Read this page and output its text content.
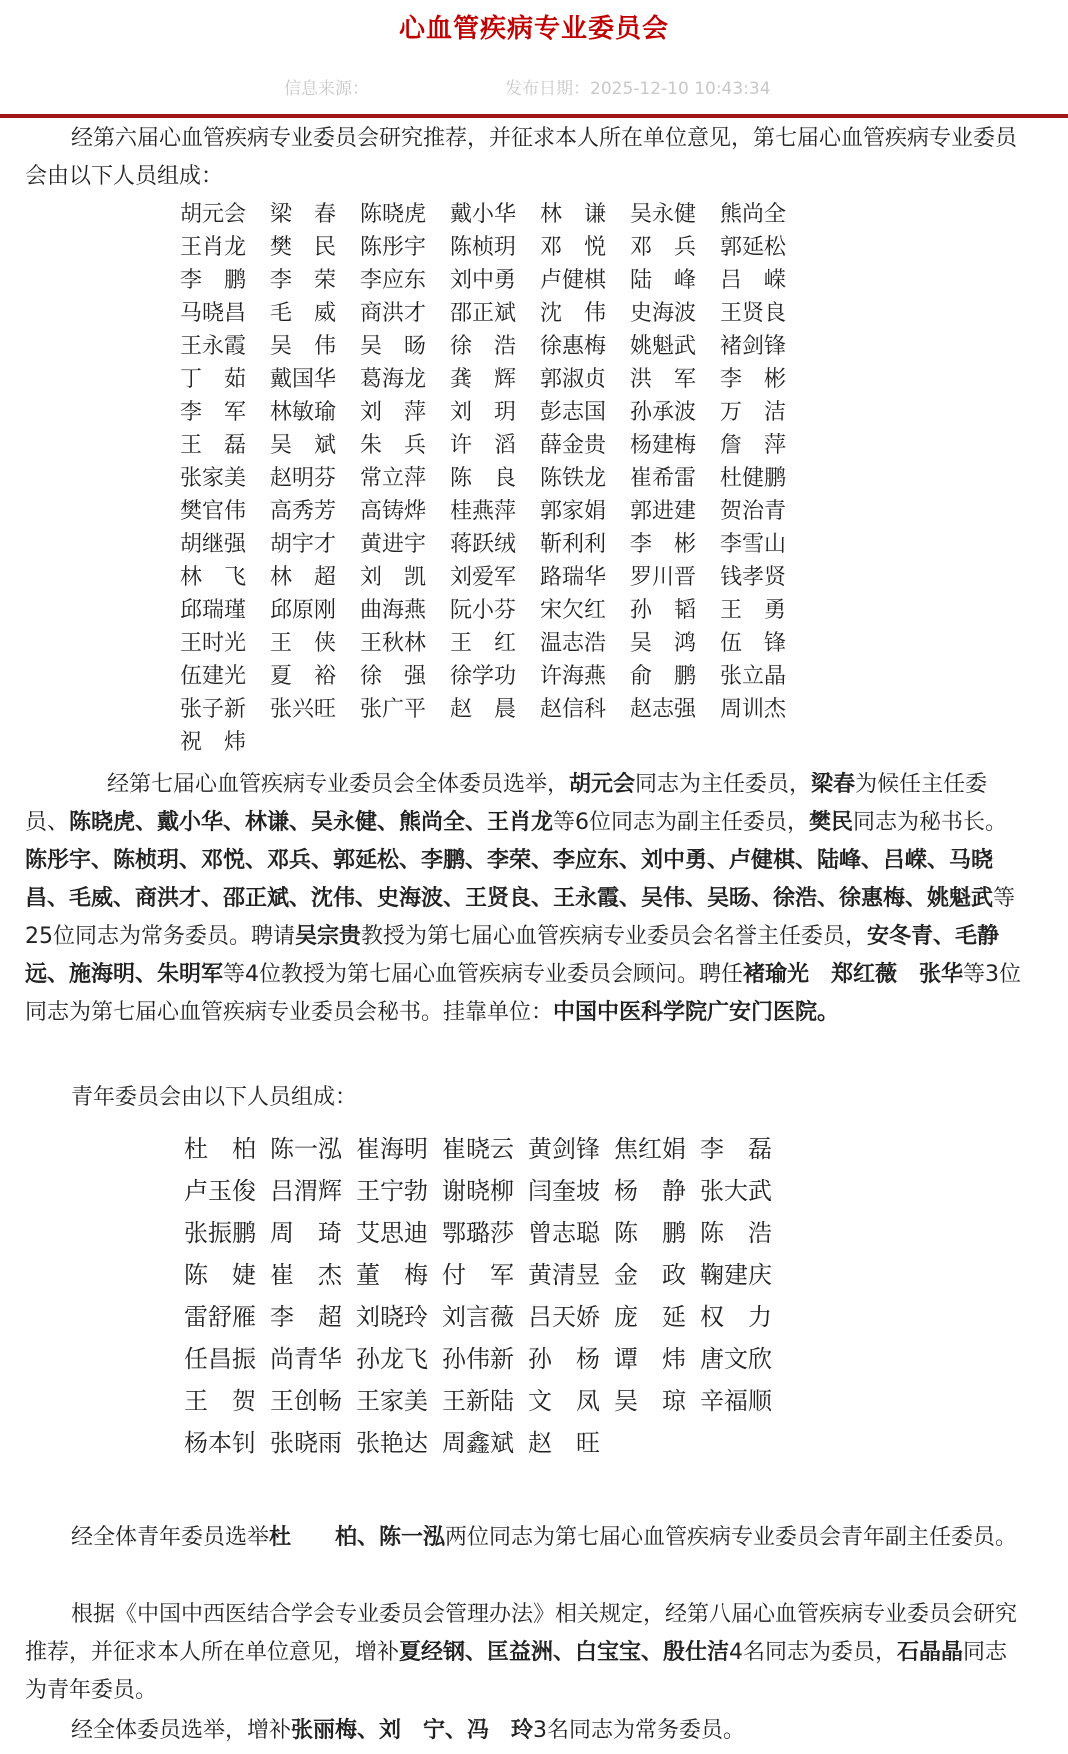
心血管疾病专业委员会
信息来源：	发布日期：2025-12-10 10:43:34

经第六届心血管疾病专业委员会研究推荐，并征求本人所在单位意见，第七届心血管疾病专业委员会由以下人员组成：

胡元会	梁　春	陈晓虎	戴小华	林　谦	吴永健	熊尚全
王肖龙	樊　民	陈彤宇	陈桢玥	邓　悦	邓　兵	郭延松
李　鹏	李　荣	李应东	刘中勇	卢健棋	陆　峰	吕　嵘
马晓昌	毛　威	商洪才	邵正斌	沈　伟	史海波	王贤良
王永霞	吴　伟	吴　旸	徐　浩	徐惠梅	姚魁武	褚剑锋
丁　茹	戴国华	葛海龙	龚　辉	郭淑贞	洪　军	李　彬
李　军	林敏瑜	刘　萍	刘　玥	彭志国	孙承波	万　洁
王　磊	吴　斌	朱　兵	许　滔	薛金贵	杨建梅	詹　萍
张家美	赵明芬	常立萍	陈　良	陈铁龙	崔希雷	杜健鹏
樊官伟	高秀芳	高铸烨	桂燕萍	郭家娟	郭进建	贺治青
胡继强	胡宇才	黄进宇	蒋跃绒	靳利利	李　彬	李雪山
林　飞	林　超	刘　凯	刘爱军	路瑞华	罗川晋	钱孝贤
邱瑞瑾	邱原刚	曲海燕	阮小芬	宋欠红	孙　韬	王　勇
王时光	王　侠	王秋林	王　红	温志浩	吴　鸿	伍　锋
伍建光	夏　裕	徐　强	徐学功	许海燕	俞　鹏	张立晶
张子新	张兴旺	张广平	赵　晨	赵信科	赵志强	周训杰
祝　炜

经第七届心血管疾病专业委员会全体委员选举，胡元会同志为主任委员，梁春为候任主任委员、陈晓虎、戴小华、林谦、吴永健、熊尚全、王肖龙等6位同志为副主任委员，樊民同志为秘书长。陈彤宇、陈桢玥、邓悦、邓兵、郭延松、李鹏、李荣、李应东、刘中勇、卢健棋、陆峰、吕嵘、马晓昌、毛威、商洪才、邵正斌、沈伟、史海波、王贤良、王永霞、吴伟、吴旸、徐浩、徐惠梅、姚魁武等25位同志为常务委员。聘请吴宗贵教授为第七届心血管疾病专业委员会名誉主任委员，安冬青、毛静远、施海明、朱明军等4位教授为第七届心血管疾病专业委员会顾问。聘任褚瑜光　郑红薇　张华等3位同志为第七届心血管疾病专业委员会秘书。挂靠单位：中国中医科学院广安门医院。

青年委员会由以下人员组成：

杜　柏 陈一泓 崔海明 崔晓云 黄剑锋 焦红娟 李　磊
卢玉俊 吕渭辉 王宁勃 谢晓柳 闫奎坡 杨　静 张大武
张振鹏 周　琦 艾思迪 鄂璐莎 曾志聪 陈　鹏 陈　浩
陈　婕 崔　杰 董　梅 付　军 黄清昱 金　政 鞠建庆
雷舒雁 李　超 刘晓玲 刘言薇 吕天娇 庞　延 权　力
任昌振 尚青华 孙龙飞 孙伟新 孙　杨 谭　炜 唐文欣
王　贺 王创畅 王家美 王新陆 文　凤 吴　琼 辛福顺
杨本钊 张晓雨 张艳达 周鑫斌 赵　旺

经全体青年委员选举杜　　柏、陈一泓两位同志为第七届心血管疾病专业委员会青年副主任委员。

根据《中国中西医结合学会专业委员会管理办法》相关规定，经第八届心血管疾病专业委员会研究推荐，并征求本人所在单位意见，增补夏经钢、匡益洲、白宝宝、殷仕洁4名同志为委员，石晶晶同志为青年委员。

经全体委员选举，增补张丽梅、刘　宁、冯　玲3名同志为常务委员。
